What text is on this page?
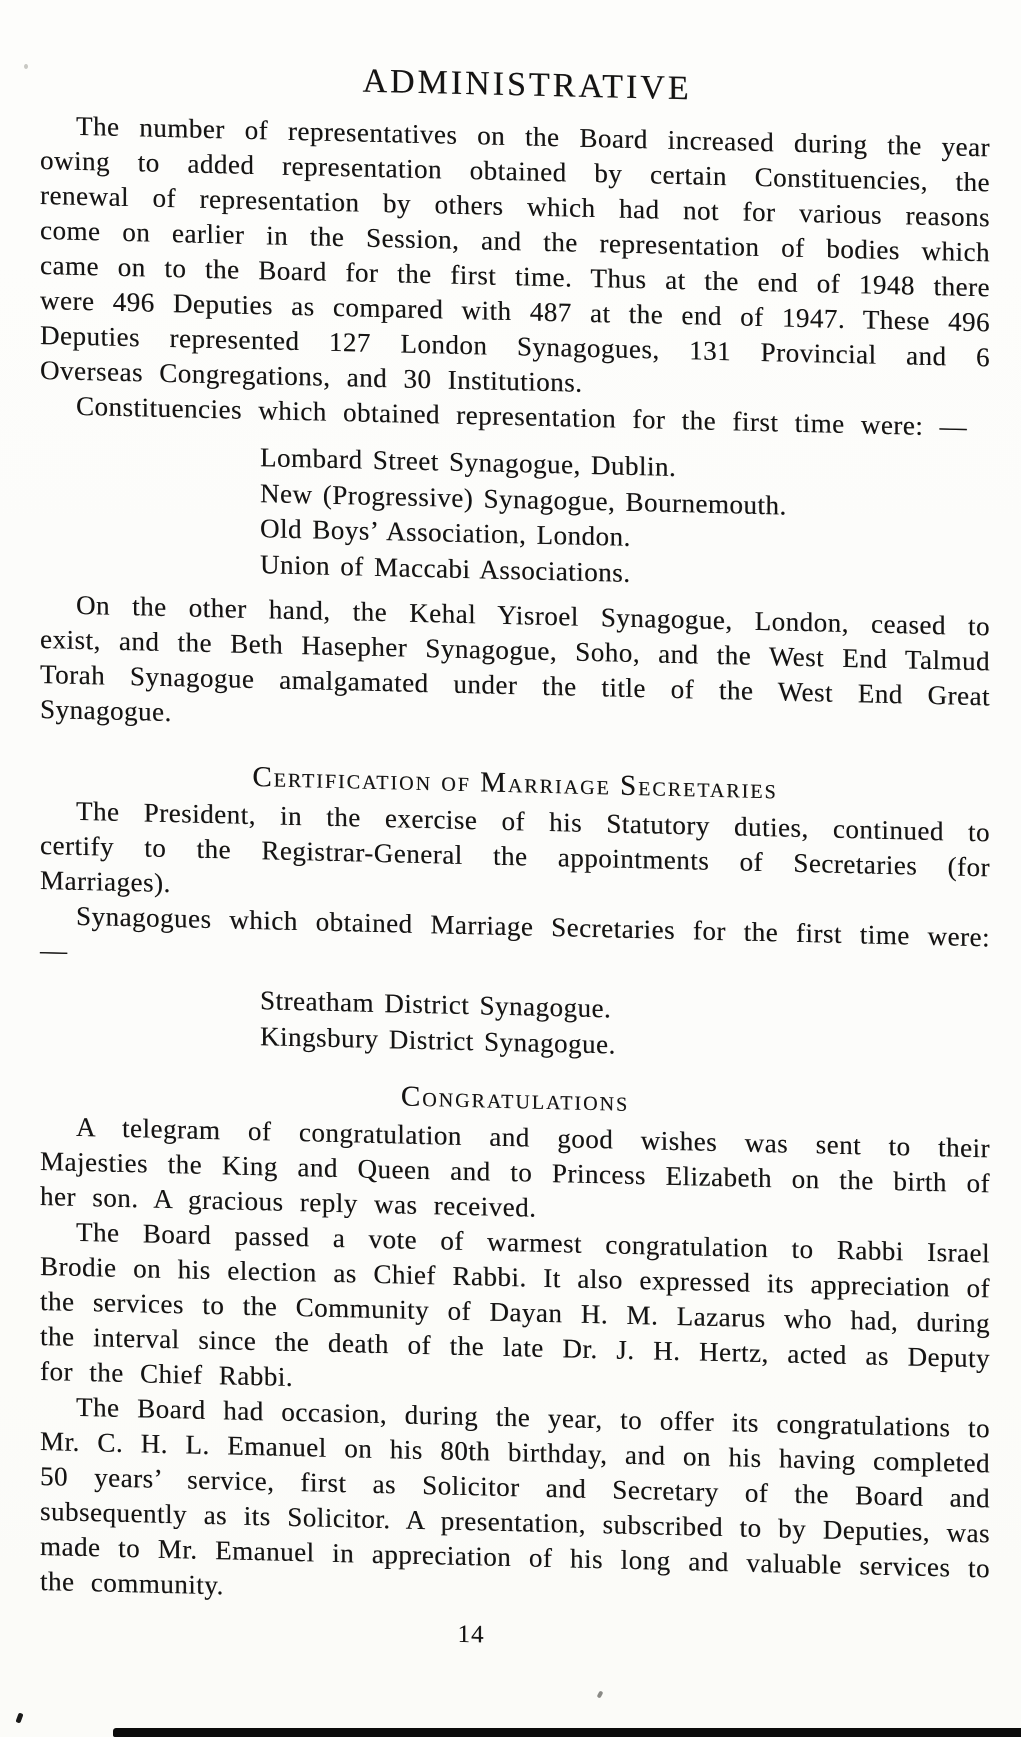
ADMINISTRATIVE

The number of representatives on the Board increased during the year owing to added representation obtained by certain Constituencies, the renewal of representation by others which had not for various reasons come on earlier in the Session, and the representation of bodies which came on to the Board for the first time. Thus at the end of 1948 there were 496 Deputies as compared with 487 at the end of 1947. These 496 Deputies represented 127 London Synagogues, 131 Provincial and 6 Overseas Congregations, and 30 Institutions.

Constituencies which obtained representation for the first time were: —

Lombard Street Synagogue, Dublin.
New (Progressive) Synagogue, Bournemouth.
Old Boys’ Association, London.
Union of Maccabi Associations.

On the other hand, the Kehal Yisroel Synagogue, London, ceased to exist, and the Beth Hasepher Synagogue, Soho, and the West End Talmud Torah Synagogue amalgamated under the title of the West End Great Synagogue.

Certification of Marriage Secretaries

The President, in the exercise of his Statutory duties, continued to certify to the Registrar-General the appointments of Secretaries (for Marriages).

Synagogues which obtained Marriage Secretaries for the first time were: —

Streatham District Synagogue.
Kingsbury District Synagogue.
Congratulations

A telegram of congratulation and good wishes was sent to their Majesties the King and Queen and to Princess Elizabeth on the birth of her son. A gracious reply was received.

The Board passed a vote of warmest congratulation to Rabbi Israel Brodie on his election as Chief Rabbi. It also expressed its appreciation of the services to the Community of Dayan H. M. Lazarus who had, during the interval since the death of the late Dr. J. H. Hertz, acted as Deputy for the Chief Rabbi.

The Board had occasion, during the year, to offer its congratulations to Mr. C. H. L. Emanuel on his 80th birthday, and on his having completed 50 years’ service, first as Solicitor and Secretary of the Board and subsequently as its Solicitor. A presentation, subscribed to by Deputies, was made to Mr. Emanuel in appreciation of his long and valuable services to the community.

14
